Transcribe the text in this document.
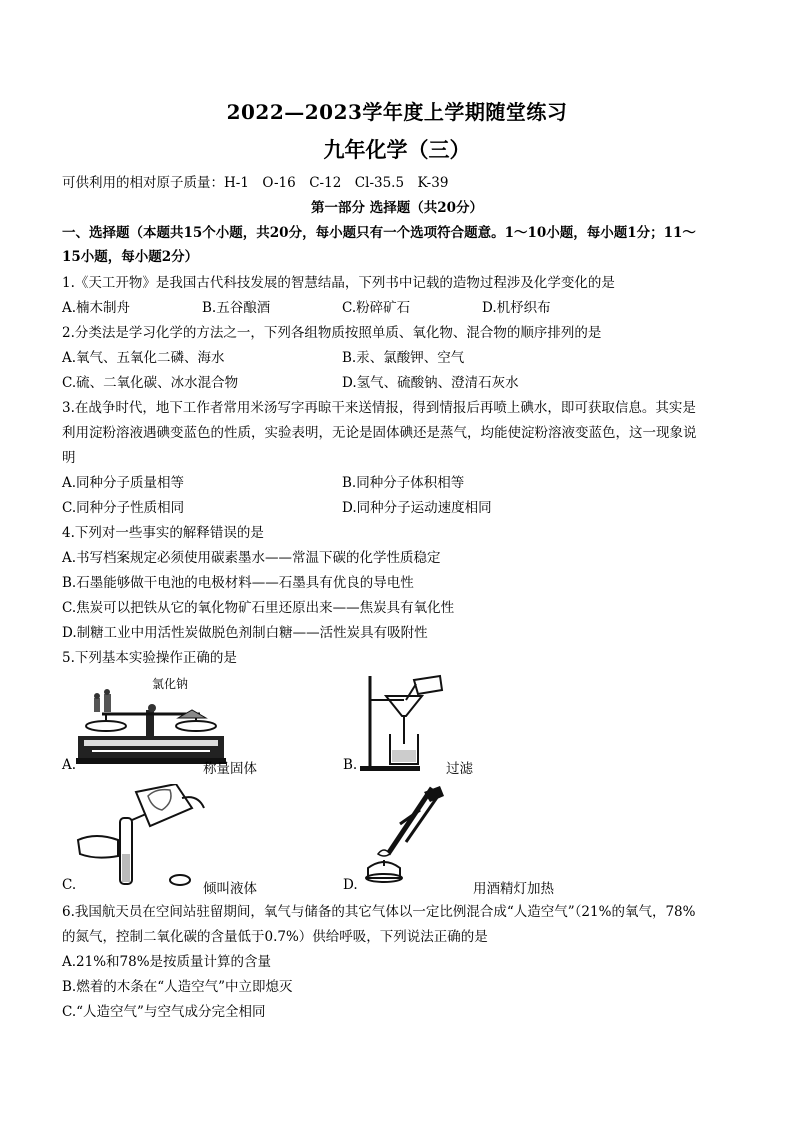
2022—2023学年度上学期随堂练习
九年化学（三）
可供利用的相对原子质量：H-1　O-16　C-12　Cl-35.5　K-39
第一部分 选择题（共20分）
一、选择题（本题共15个小题，共20分，每小题只有一个选项符合题意。1～10小题，每小题1分；11～
15小题，每小题2分）
1.《天工开物》是我国古代科技发展的智慧结晶，下列书中记载的造物过程涉及化学变化的是
A.楠木制舟	B.五谷酿酒	C.粉碎矿石	D.机杼织布
2.分类法是学习化学的方法之一，下列各组物质按照单质、氧化物、混合物的顺序排列的是
A.氧气、五氧化二磷、海水	B.汞、氯酸钾、空气
C.硫、二氧化碳、冰水混合物	D.氢气、硫酸钠、澄清石灰水
3.在战争时代，地下工作者常用米汤写字再晾干来送情报，得到情报后再喷上碘水，即可获取信息。其实是
利用淀粉溶液遇碘变蓝色的性质，实验表明，无论是固体碘还是蒸气，均能使淀粉溶液变蓝色，这一现象说
明
A.同种分子质量相等	B.同种分子体积相等
C.同种分子性质相同	D.同种分子运动速度相同
4.下列对一些事实的解释错误的是
A.书写档案规定必须使用碳素墨水——常温下碳的化学性质稳定
B.石墨能够做干电池的电极材料——石墨具有优良的导电性
C.焦炭可以把铁从它的氧化物矿石里还原出来——焦炭具有氧化性
D.制糖工业中用活性炭做脱色剂制白糖——活性炭具有吸附性
5.下列基本实验操作正确的是
氯化钠
A.	称量固体	B.	过滤
C.	倾叫液体	D.	用酒精灯加热
6.我国航天员在空间站驻留期间，氧气与储备的其它气体以一定比例混合成“人造空气”（21%的氧气，78%
的氮气，控制二氧化碳的含量低于0.7%）供给呼吸，下列说法正确的是
A.21%和78%是按质量计算的含量
B.燃着的木条在“人造空气”中立即熄灭
C.“人造空气”与空气成分完全相同
